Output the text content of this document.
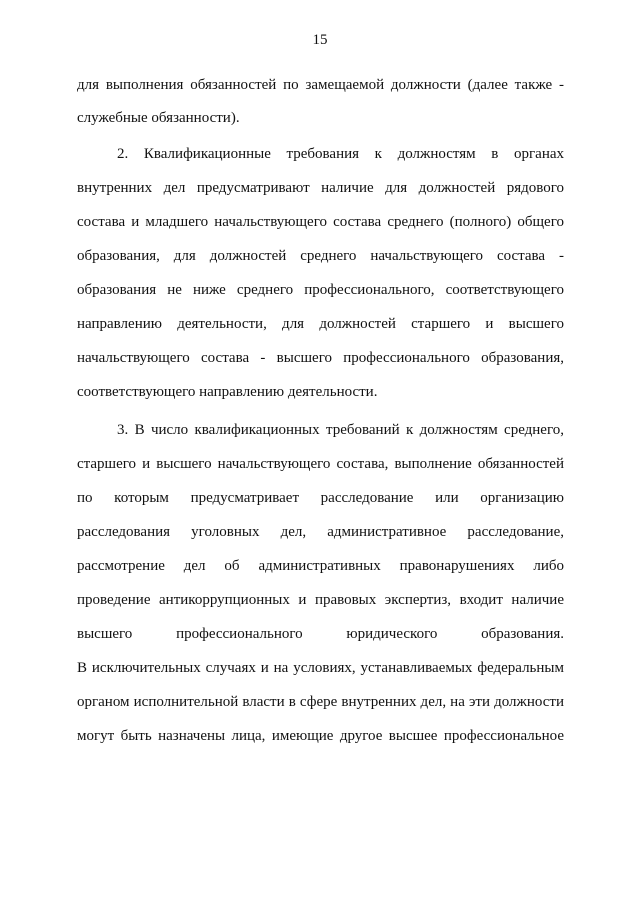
15
для выполнения обязанностей по замещаемой должности (далее также -
служебные обязанности).
2. Квалификационные требования к должностям в органах
внутренних дел предусматривают наличие для должностей рядового
состава и младшего начальствующего состава среднего (полного) общего
образования, для должностей среднего начальствующего состава -
образования не ниже среднего профессионального, соответствующего
направлению деятельности, для должностей старшего и высшего
начальствующего состава - высшего профессионального образования,
соответствующего направлению деятельности.
3. В число квалификационных требований к должностям среднего,
старшего и высшего начальствующего состава, выполнение обязанностей
по которым предусматривает расследование или организацию
расследования уголовных дел, административное расследование,
рассмотрение дел об административных правонарушениях либо
проведение антикоррупционных и правовых экспертиз, входит наличие
высшего профессионального юридического образования.
В исключительных случаях и на условиях, устанавливаемых федеральным
органом исполнительной власти в сфере внутренних дел, на эти должности
могут быть назначены лица, имеющие другое высшее профессиональное
